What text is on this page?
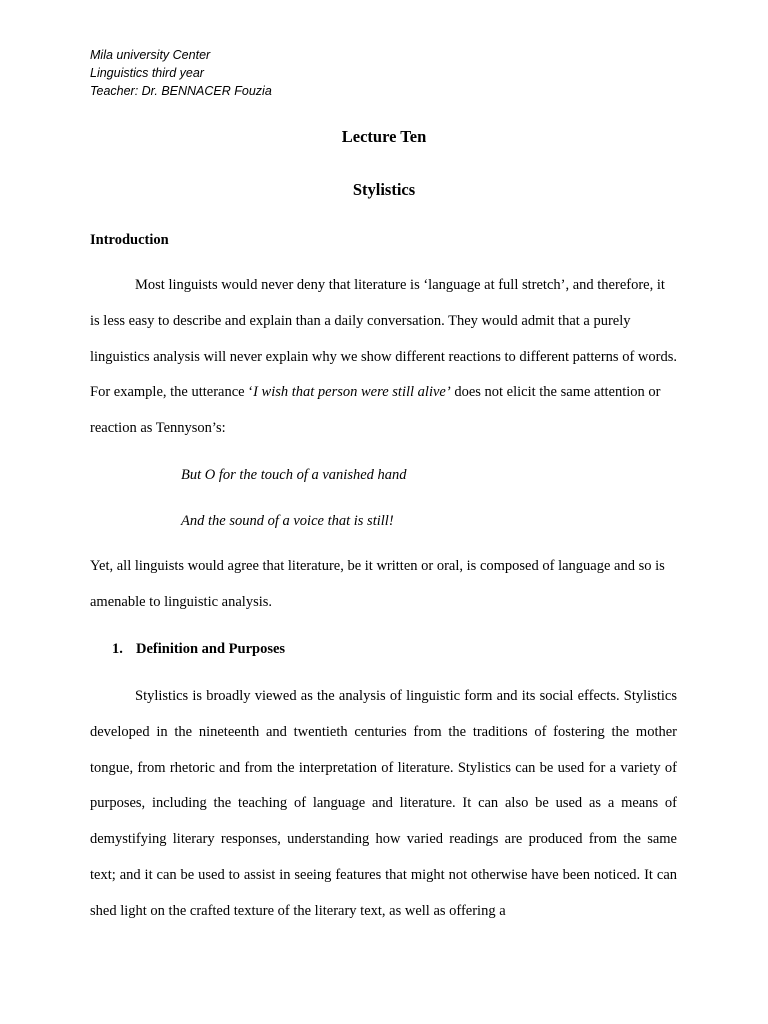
Mila university Center
Linguistics third year
Teacher: Dr. BENNACER Fouzia
Lecture Ten
Stylistics
Introduction

Most linguists would never deny that literature is ‘language at full stretch’, and therefore, it is less easy to describe and explain than a daily conversation. They would admit that a purely linguistics analysis will never explain why we show different reactions to different patterns of words. For example, the utterance ‘I wish that person were still alive’ does not elicit the same attention or reaction as Tennyson’s:

But O for the touch of a vanished hand
And the sound of a voice that is still!

Yet, all linguists would agree that literature, be it written or oral, is composed of language and so is amenable to linguistic analysis.

1. Definition and Purposes

Stylistics is broadly viewed as the analysis of linguistic form and its social effects. Stylistics developed in the nineteenth and twentieth centuries from the traditions of fostering the mother tongue, from rhetoric and from the interpretation of literature. Stylistics can be used for a variety of purposes, including the teaching of language and literature. It can also be used as a means of demystifying literary responses, understanding how varied readings are produced from the same text; and it can be used to assist in seeing features that might not otherwise have been noticed. It can shed light on the crafted texture of the literary text, as well as offering a
